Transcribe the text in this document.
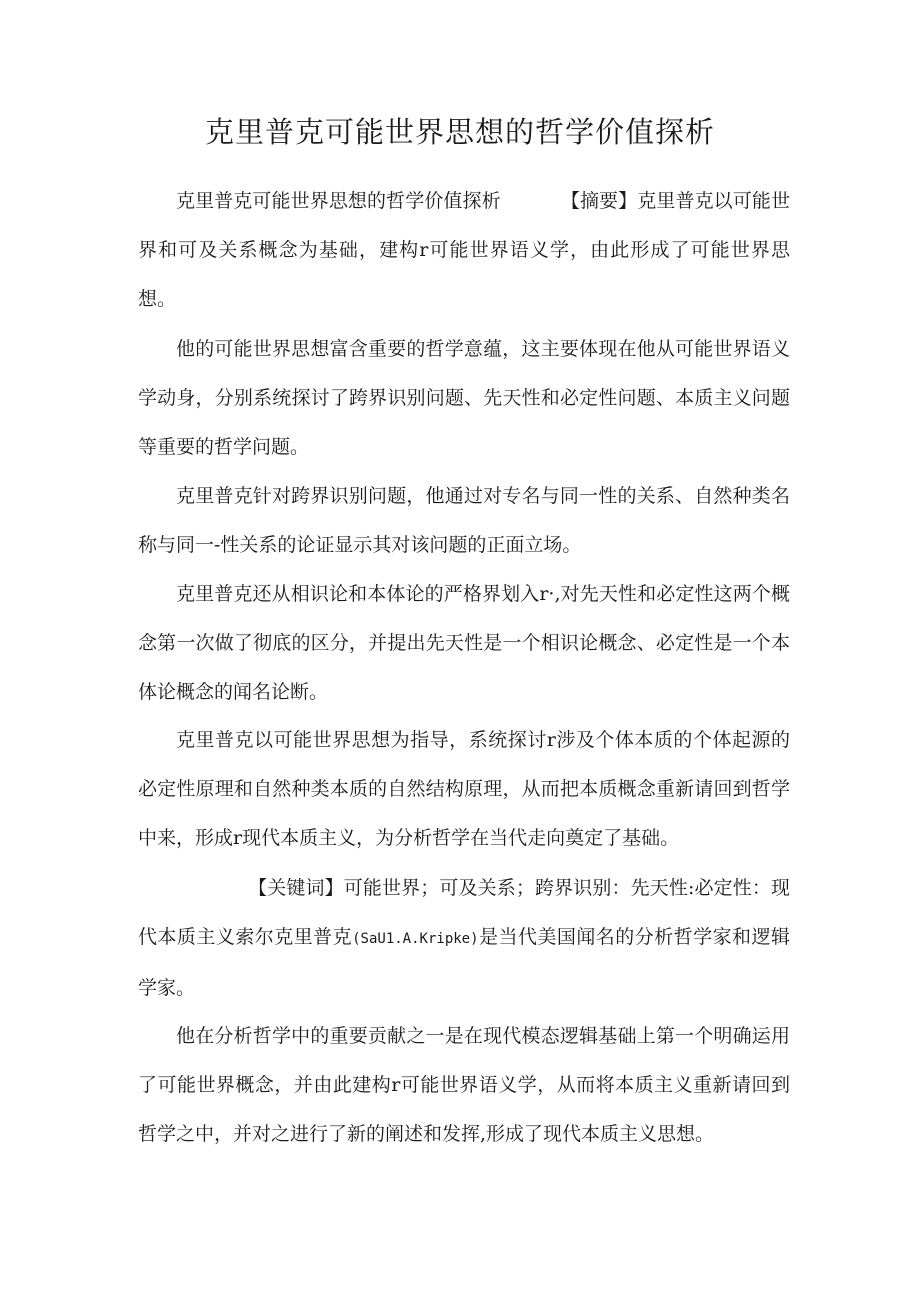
克里普克可能世界思想的哲学价值探析

克里普克可能世界思想的哲学价值探析	【摘要】克里普克以可能世界和可及关系概念为基础，建构r可能世界语义学，由此形成了可能世界思想。

他的可能世界思想富含重要的哲学意蕴，这主要体现在他从可能世界语义学动身，分别系统探讨了跨界识别问题、先天性和必定性问题、本质主义问题等重要的哲学问题。

克里普克针对跨界识别问题，他通过对专名与同一性的关系、自然种类名称与同一-性关系的论证显示其对该问题的正面立场。

克里普克还从相识论和本体论的严格界划入r·,对先天性和必定性这两个概念第一次做了彻底的区分，并提出先天性是一个相识论概念、必定性是一个本体论概念的闻名论断。

克里普克以可能世界思想为指导，系统探讨r涉及个体本质的个体起源的必定性原理和自然种类本质的自然结构原理，从而把本质概念重新请回到哲学中来，形成r现代本质主义，为分析哲学在当代走向奠定了基础。

【关键词】可能世界；可及关系；跨界识别：先天性:必定性：现代本质主义索尔克里普克(SaU1.A.Kripke)是当代美国闻名的分析哲学家和逻辑学家。

他在分析哲学中的重要贡献之一是在现代模态逻辑基础上第一个明确运用了可能世界概念，并由此建构r可能世界语义学，从而将本质主义重新请回到哲学之中，并对之进行了新的阐述和发挥,形成了现代本质主义思想。
